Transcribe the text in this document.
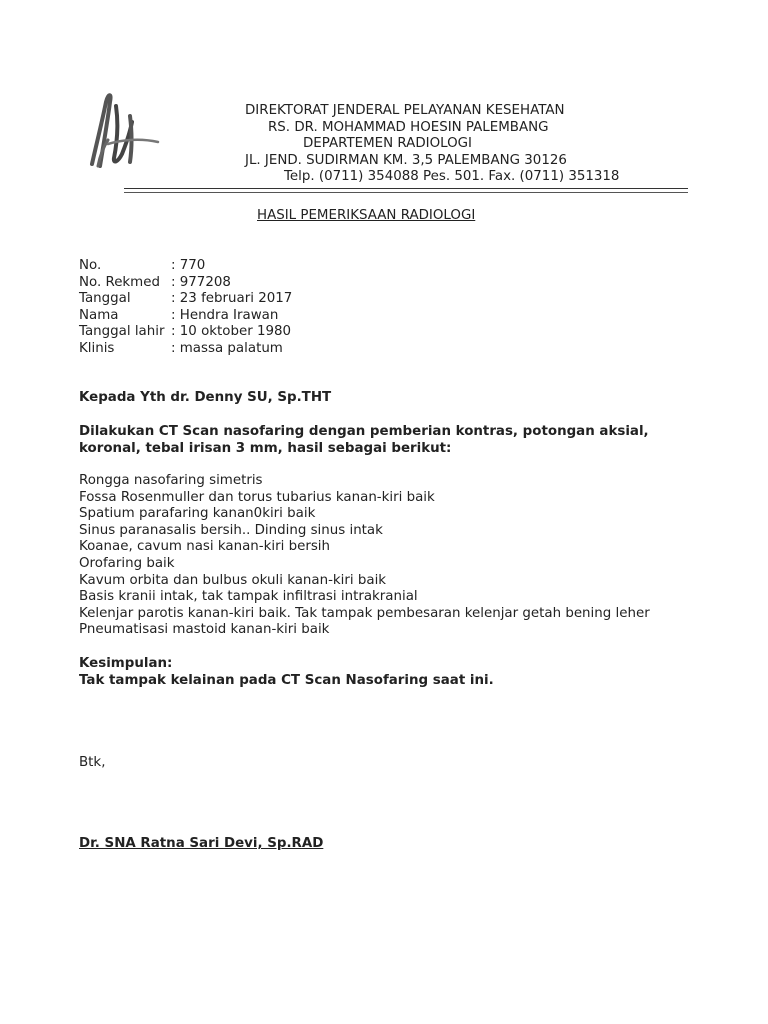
DIREKTORAT JENDERAL PELAYANAN KESEHATAN
RS. DR. MOHAMMAD HOESIN PALEMBANG
DEPARTEMEN RADIOLOGI
JL. JEND. SUDIRMAN KM. 3,5 PALEMBANG 30126
Telp. (0711) 354088 Pes. 501. Fax. (0711) 351318
HASIL PEMERIKSAAN RADIOLOGI
No.	: 770
No. Rekmed : 977208
Tanggal	: 23 februari 2017
Nama	: Hendra Irawan
Tanggal lahir : 10 oktober 1980
Klinis	: massa palatum
Kepada Yth dr. Denny SU, Sp.THT
Dilakukan CT Scan nasofaring dengan pemberian kontras, potongan aksial, koronal, tebal irisan 3 mm, hasil sebagai berikut:
Rongga nasofaring simetris
Fossa Rosenmuller dan torus tubarius kanan-kiri baik
Spatium parafaring kanan0kiri baik
Sinus paranasalis bersih.. Dinding sinus intak
Koanae, cavum nasi kanan-kiri bersih
Orofaring baik
Kavum orbita dan bulbus okuli kanan-kiri baik
Basis kranii intak, tak tampak infiltrasi intrakranial
Kelenjar parotis kanan-kiri baik. Tak tampak pembesaran kelenjar getah bening leher
Pneumatisasi mastoid kanan-kiri baik
Kesimpulan:
Tak tampak kelainan pada CT Scan Nasofaring saat ini.
Btk,
Dr. SNA Ratna Sari Devi, Sp.RAD
